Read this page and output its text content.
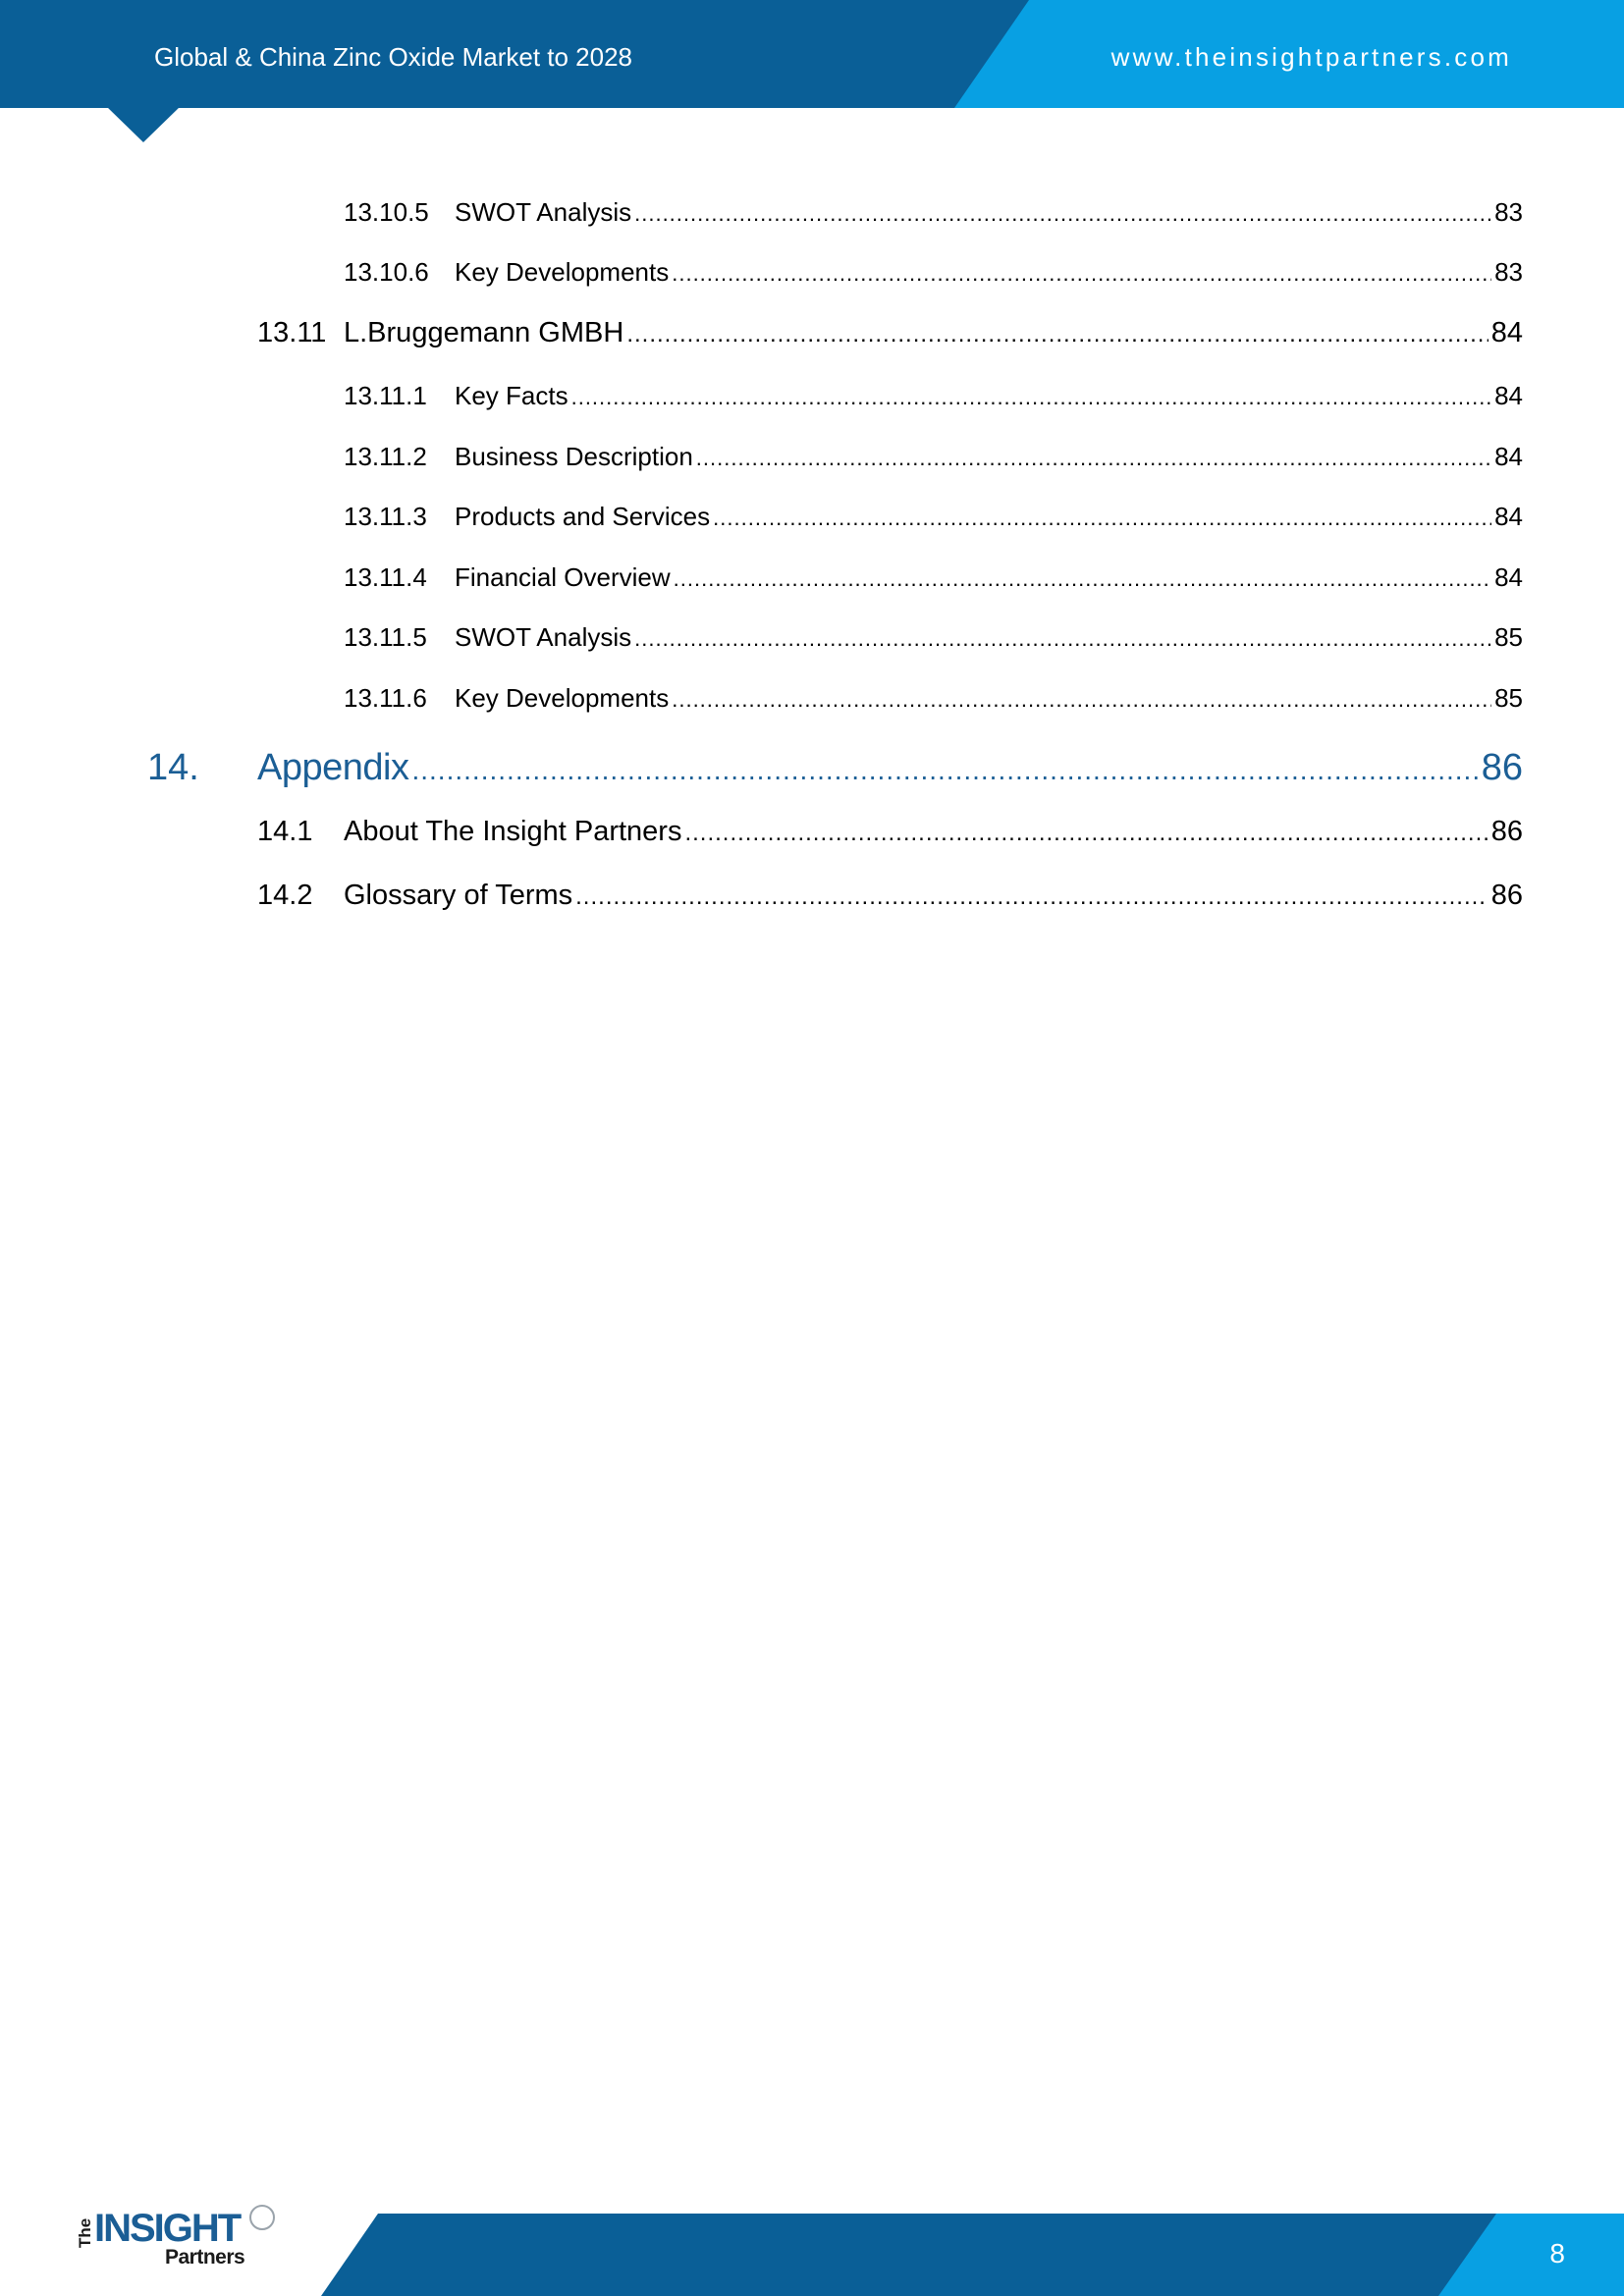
Global & China Zinc Oxide Market to 2028	www.theinsightpartners.com
13.10.5	SWOT Analysis .....	83
13.10.6	Key Developments .....	83
13.11 L.Bruggemann GMBH .....	84
13.11.1	Key Facts .....	84
13.11.2	Business Description .....	84
13.11.3	Products and Services .....	84
13.11.4	Financial Overview .....	84
13.11.5	SWOT Analysis .....	85
13.11.6	Key Developments .....	85
14.	Appendix .....	86
14.1	About The Insight Partners .....	86
14.2	Glossary of Terms .....	86
The INSIGHT
Partners	8
